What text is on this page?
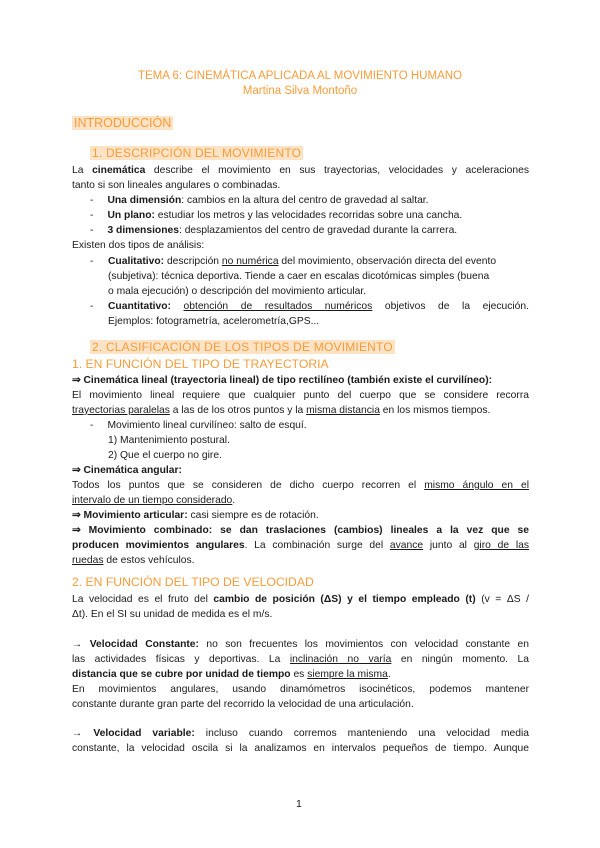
TEMA 6: CINEMÁTICA APLICADA AL MOVIMIENTO HUMANO
Martina Silva Montoño
INTRODUCCIÓN
1. DESCRIPCIÓN DEL MOVIMIENTO
La cinemática describe el movimiento en sus trayectorias, velocidades y aceleraciones
tanto si son lineales angulares o combinadas.
- Una dimensión: cambios en la altura del centro de gravedad al saltar.
- Un plano: estudiar los metros y las velocidades recorridas sobre una cancha.
- 3 dimensiones: desplazamientos del centro de gravedad durante la carrera.
Existen dos tipos de análisis:
- Cualitativo: descripción no numérica del movimiento, observación directa del evento
(subjetiva): técnica deportiva. Tiende a caer en escalas dicotómicas simples (buena
o mala ejecución) o descripción del movimiento articular.
- Cuantitativo: obtención de resultados numéricos objetivos de la ejecución.
Ejemplos: fotogrametría, acelerometría,GPS...
2. CLASIFICACIÓN DE LOS TIPOS DE MOVIMIENTO
1. EN FUNCIÓN DEL TIPO DE TRAYECTORIA
⇒ Cinemática lineal (trayectoria lineal) de tipo rectilíneo (también existe el curvilíneo):
El movimiento lineal requiere que cualquier punto del cuerpo que se considere recorra
trayectorias paralelas a las de los otros puntos y la misma distancia en los mismos tiempos.
- Movimiento lineal curvilíneo: salto de esquí.
1) Mantenimiento postural.
2) Que el cuerpo no gire.
⇒ Cinemática angular:
Todos los puntos que se consideren de dicho cuerpo recorren el mismo ángulo en el
intervalo de un tiempo considerado.
⇒ Movimiento articular: casi siempre es de rotación.
⇒ Movimiento combinado: se dan traslaciones (cambios) lineales a la vez que se
producen movimientos angulares. La combinación surge del avance junto al giro de las
ruedas de estos vehículos.
2. EN FUNCIÓN DEL TIPO DE VELOCIDAD
La velocidad es el fruto del cambio de posición (ΔS) y el tiempo empleado (t) (v = ΔS /
Δt). En el SI su unidad de medida es el m/s.
→ Velocidad Constante: no son frecuentes los movimientos con velocidad constante en
las actividades físicas y deportivas. La inclinación no varía en ningún momento. La
distancia que se cubre por unidad de tiempo es siempre la misma.
En movimientos angulares, usando dinamómetros isocinéticos, podemos mantener
constante durante gran parte del recorrido la velocidad de una articulación.
→ Velocidad variable: incluso cuando corremos manteniendo una velocidad media
constante, la velocidad oscila si la analizamos en intervalos pequeños de tiempo. Aunque
1
